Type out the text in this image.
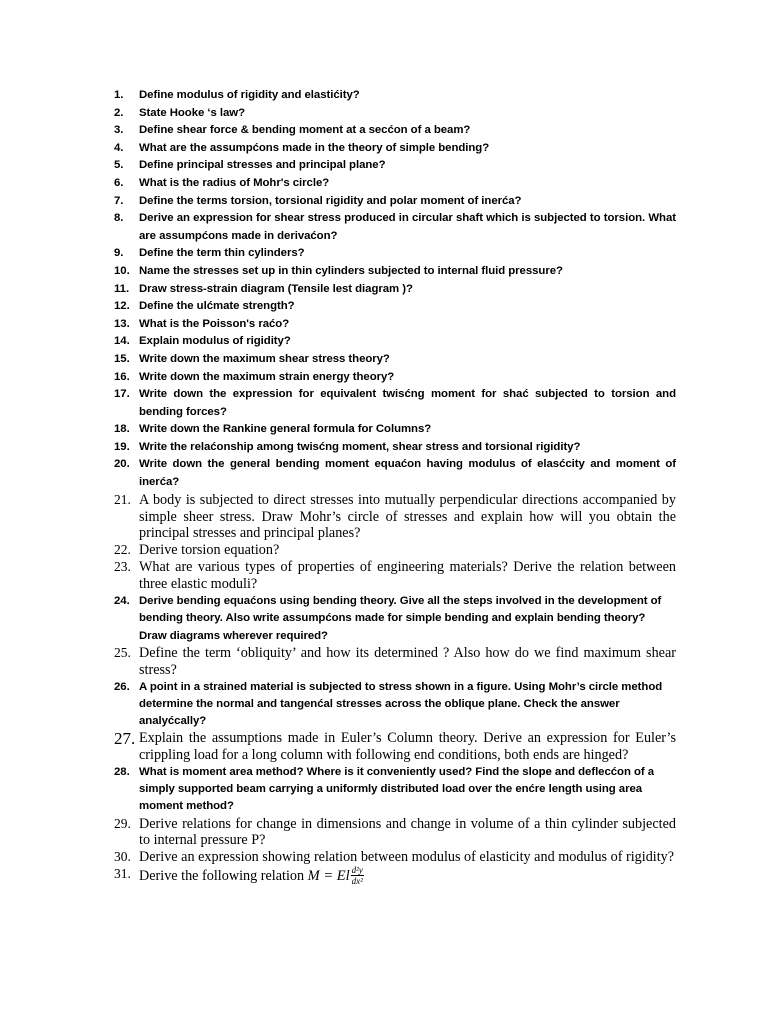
1.	Define modulus of rigidity and elastićity?
2.	State Hooke ‘s law?
3.	Define shear force & bending moment at a secćon of a beam?
4.	What are the assumpćons made in the theory of simple bending?
5.	Define principal stresses and principal plane?
6.	What is the radius of Mohr's circle?
7.	Define the terms torsion, torsional rigidity and polar moment of inerća?
8.	Derive an expression for shear stress produced in circular shaft which is subjected to torsion. What are assumpćons made in derivaćon?
9.	Define the term thin cylinders?
10. Name the stresses set up in thin cylinders subjected to internal fluid pressure?
11. Draw stress-strain diagram (Tensile lest diagram )?
12. Define the ulćmate strength?
13. What is the Poisson's raćo?
14. Explain modulus of rigidity?
15. Write down the maximum shear stress theory?
16. Write down the maximum strain energy theory?
17. Write down the expression for equivalent twisćng moment for shać subjected to torsion and bending forces?
18. Write down the Rankine general formula for Columns?
19. Write the relaćonship among twisćng moment, shear stress and torsional rigidity?
20. Write down the general bending moment equaćon having modulus of elasćcity and moment of inerća?
21. A body is subjected to direct stresses into mutually perpendicular directions accompanied by simple sheer stress. Draw Mohr’s circle of stresses and explain how will you obtain the principal stresses and principal planes?
22. Derive torsion equation?
23. What are various types of properties of engineering materials? Derive the relation between three elastic moduli?
24. Derive bending equaćons using bending theory. Give all the steps involved in the development of bending theory. Also write assumpćons made for simple bending and explain bending theory? Draw diagrams wherever required?
25. Define the term ‘obliquity’ and how its determined ? Also how do we find maximum shear stress?
26. A point in a strained material is subjected to stress shown in a figure. Using Mohr’s circle method determine the normal and tangenćal stresses across the oblique plane. Check the answer analyćcally?
27. Explain the assumptions made in Euler’s Column theory. Derive an expression for Euler’s crippling load for a long column with following end conditions, both ends are hinged?
28. What is moment area method? Where is it conveniently used? Find the slope and deflecćon of a simply supported beam carrying a uniformly distributed load over the enćre length using area moment method?
29. Derive relations for change in dimensions and change in volume of a thin cylinder subjected to internal pressure P?
30. Derive an expression showing relation between modulus of elasticity and modulus of rigidity?
31. Derive the following relation M = El $\frac{\text{d²y}}{\text{dx²}}$
